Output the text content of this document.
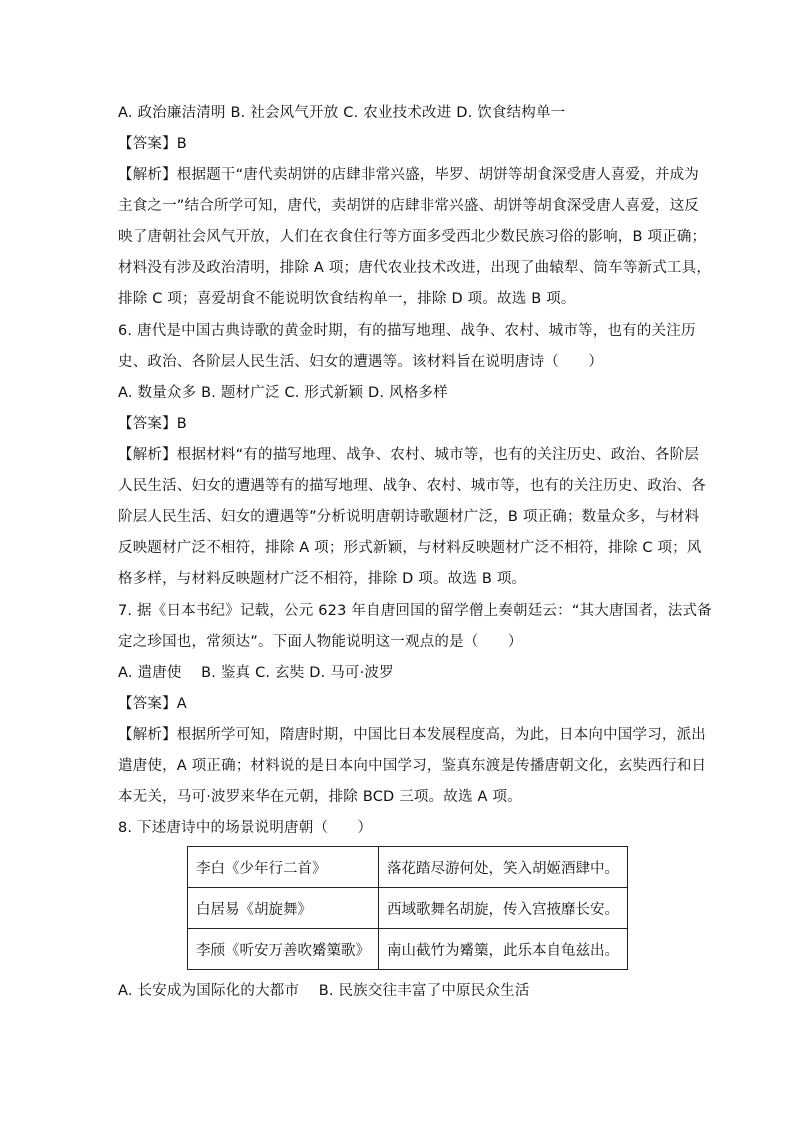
A. 政治廉洁清明 B. 社会风气开放 C. 农业技术改进 D. 饮食结构单一
【答案】B
【解析】根据题干“唐代卖胡饼的店肆非常兴盛，毕罗、胡饼等胡食深受唐人喜爱，并成为
主食之一”结合所学可知，唐代，卖胡饼的店肆非常兴盛、胡饼等胡食深受唐人喜爱，这反
映了唐朝社会风气开放，人们在衣食住行等方面多受西北少数民族习俗的影响，B 项正确；
材料没有涉及政治清明，排除 A 项；唐代农业技术改进，出现了曲辕犁、筒车等新式工具，
排除 C 项；喜爱胡食不能说明饮食结构单一，排除 D 项。故选 B 项。
6. 唐代是中国古典诗歌的黄金时期，有的描写地理、战争、农村、城市等，也有的关注历
史、政治、各阶层人民生活、妇女的遭遇等。该材料旨在说明唐诗（　　）
A. 数量众多 B. 题材广泛 C. 形式新颖 D. 风格多样
【答案】B
【解析】根据材料“有的描写地理、战争、农村、城市等，也有的关注历史、政治、各阶层
人民生活、妇女的遭遇等有的描写地理、战争、农村、城市等，也有的关注历史、政治、各
阶层人民生活、妇女的遭遇等”分析说明唐朝诗歌题材广泛，B 项正确；数量众多，与材料
反映题材广泛不相符，排除 A 项；形式新颖，与材料反映题材广泛不相符，排除 C 项；风
格多样，与材料反映题材广泛不相符，排除 D 项。故选 B 项。
7. 据《日本书纪》记载，公元 623 年自唐回国的留学僧上奏朝廷云：“其大唐国者，法式备
定之珍国也，常须达”。下面人物能说明这一观点的是（　　）
A. 遣唐使　 B. 鉴真 C. 玄奘 D. 马可·波罗
【答案】A
【解析】根据所学可知，隋唐时期，中国比日本发展程度高，为此，日本向中国学习，派出
遣唐使，A 项正确；材料说的是日本向中国学习，鉴真东渡是传播唐朝文化，玄奘西行和日
本无关，马可·波罗来华在元朝，排除 BCD 三项。故选 A 项。
8. 下述唐诗中的场景说明唐朝（　　）
李白《少年行二首》	落花踏尽游何处，笑入胡姬酒肆中。
白居易《胡旋舞》	西域歌舞名胡旋，传入宫掖靡长安。
李颀《听安万善吹觱篥歌》	南山截竹为觱篥，此乐本自龟兹出。
A. 长安成为国际化的大都市　 B. 民族交往丰富了中原民众生活
